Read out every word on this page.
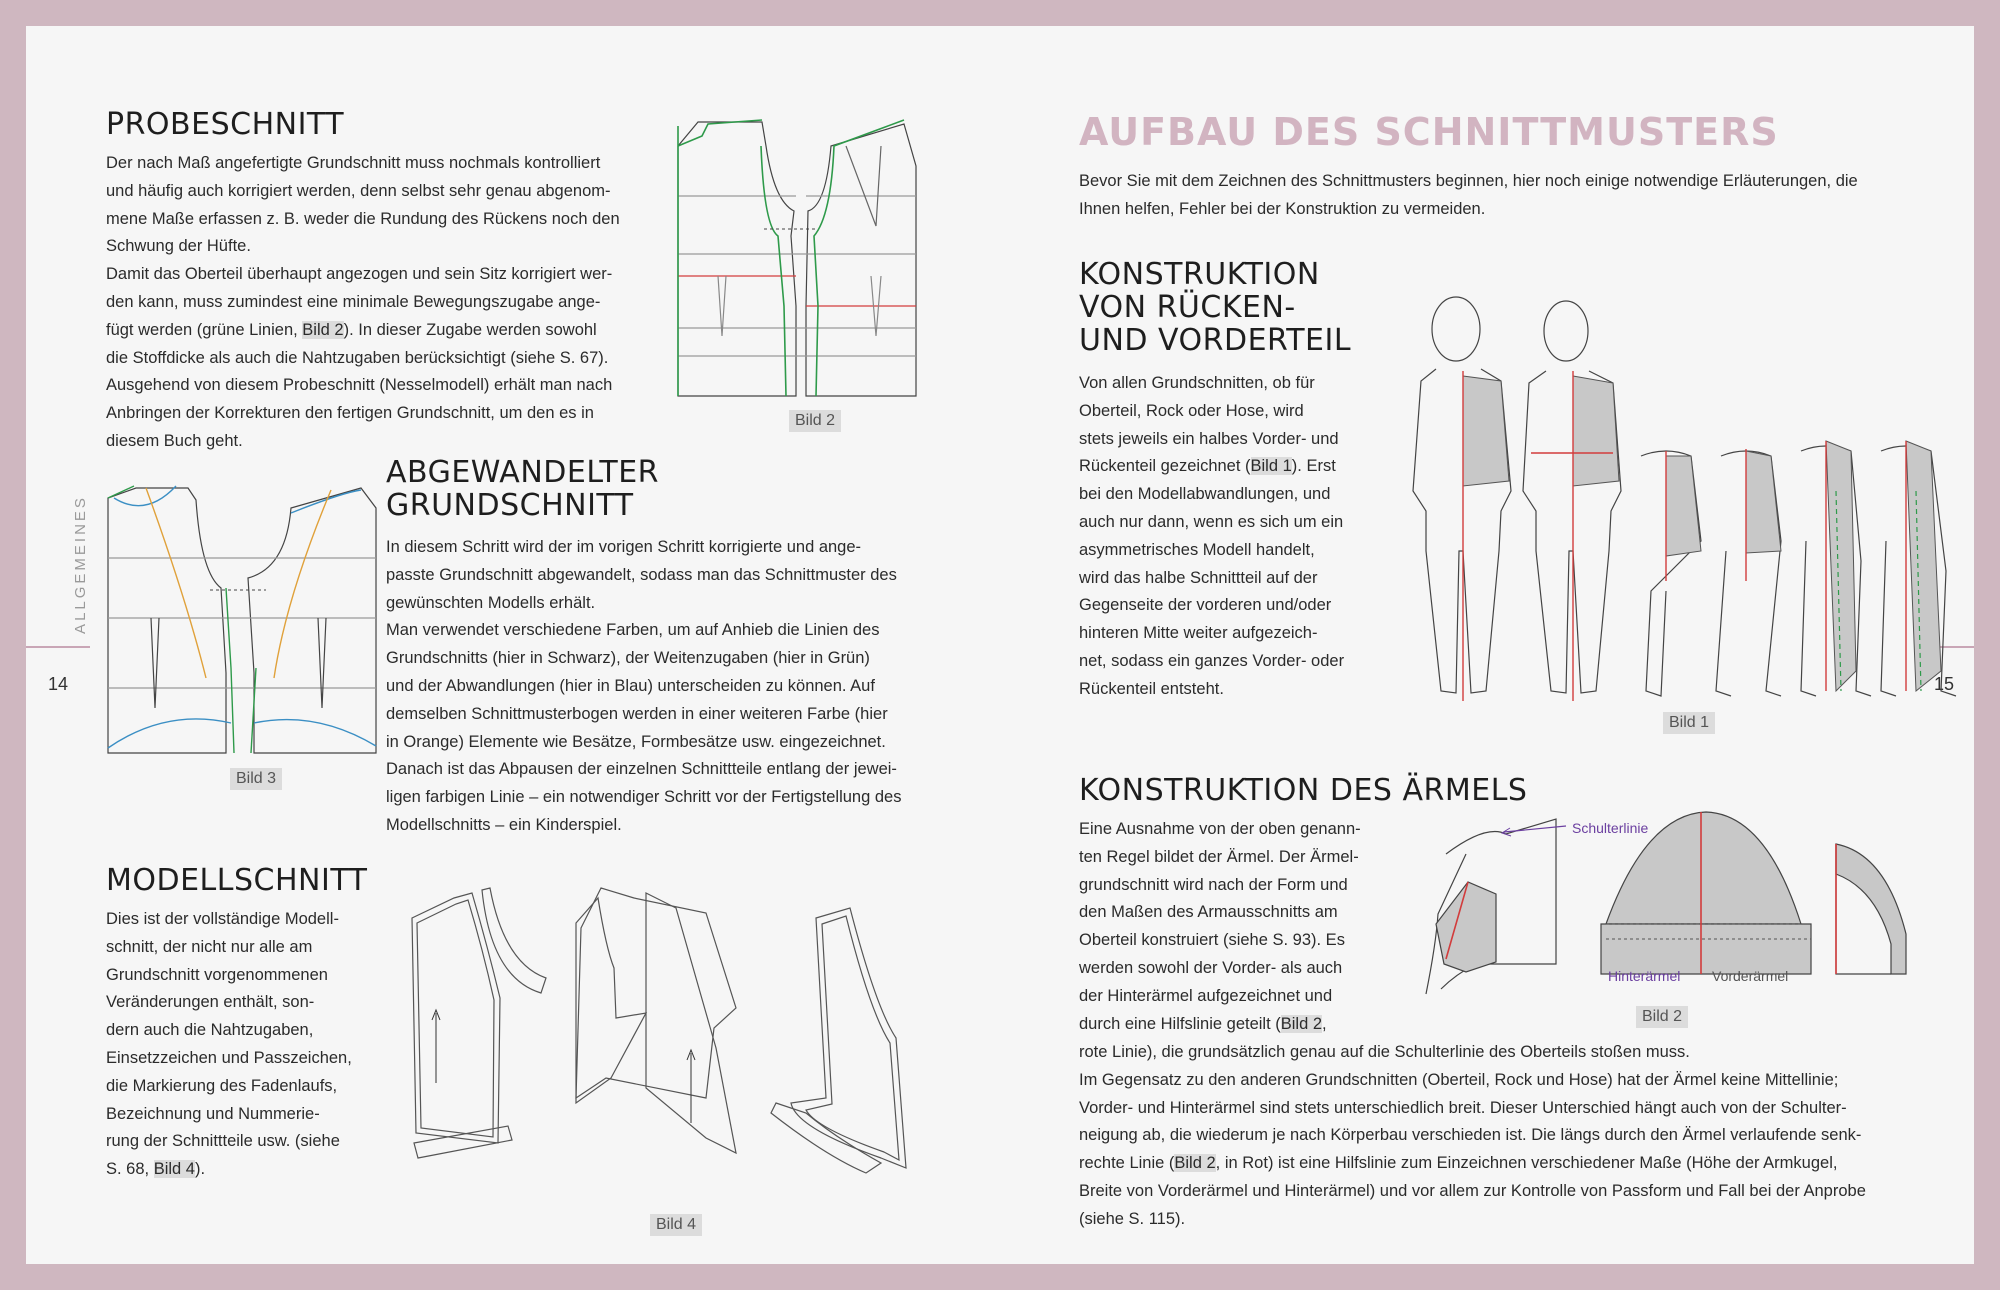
ALLGEMEINES
14	15
PROBESCHNITT

Der nach Maß angefertigte Grundschnitt muss nochmals kontrolliert
und häufig auch korrigiert werden, denn selbst sehr genau abgenom-
mene Maße erfassen z. B. weder die Rundung des Rückens noch den
Schwung der Hüfte.
Damit das Oberteil überhaupt angezogen und sein Sitz korrigiert wer-
den kann, muss zumindest eine minimale Bewegungszugabe ange-
fügt werden (grüne Linien, Bild 2). In dieser Zugabe werden sowohl
die Stoffdicke als auch die Nahtzugaben berücksichtigt (siehe S. 67).
Ausgehend von diesem Probeschnitt (Nesselmodell) erhält man nach
Anbringen der Korrekturen den fertigen Grundschnitt, um den es in
diesem Buch geht.

Bild 2
Bild 3
ABGEWANDELTER
GRUNDSCHNITT

In diesem Schritt wird der im vorigen Schritt korrigierte und ange-
passte Grundschnitt abgewandelt, sodass man das Schnittmuster des
gewünschten Modells erhält.
Man verwendet verschiedene Farben, um auf Anhieb die Linien des
Grundschnitts (hier in Schwarz), der Weitenzugaben (hier in Grün)
und der Abwandlungen (hier in Blau) unterscheiden zu können. Auf
demselben Schnittmusterbogen werden in einer weiteren Farbe (hier
in Orange) Elemente wie Besätze, Formbesätze usw. eingezeichnet.
Danach ist das Abpausen der einzelnen Schnittteile entlang der jewei-
ligen farbigen Linie – ein notwendiger Schritt vor der Fertigstellung des
Modellschnitts – ein Kinderspiel.

MODELLSCHNITT

Dies ist der vollständige Modell-
schnitt, der nicht nur alle am
Grundschnitt vorgenommenen
Veränderungen enthält, son-
dern auch die Nahtzugaben,
Einsetzzeichen und Passzeichen,
die Markierung des Fadenlaufs,
Bezeichnung und Nummerie-
rung der Schnittteile usw. (siehe
S. 68, Bild 4).

Bild 4
AUFBAU DES SCHNITTMUSTERS

Bevor Sie mit dem Zeichnen des Schnittmusters beginnen, hier noch einige notwendige Erläuterungen, die
Ihnen helfen, Fehler bei der Konstruktion zu vermeiden.

KONSTRUKTION
VON RÜCKEN-
UND VORDERTEIL

Von allen Grundschnitten, ob für
Oberteil, Rock oder Hose, wird
stets jeweils ein halbes Vorder- und
Rückenteil gezeichnet (Bild 1). Erst
bei den Modellabwandlungen, und
auch nur dann, wenn es sich um ein
asymmetrisches Modell handelt,
wird das halbe Schnittteil auf der
Gegenseite der vorderen und/oder
hinteren Mitte weiter aufgezeich-
net, sodass ein ganzes Vorder- oder
Rückenteil entsteht.

Bild 1
KONSTRUKTION DES ÄRMELS

Eine Ausnahme von der oben genann-
ten Regel bildet der Ärmel. Der Ärmel-
grundschnitt wird nach der Form und
den Maßen des Armausschnitts am
Oberteil konstruiert (siehe S. 93). Es
werden sowohl der Vorder- als auch
der Hinterärmel aufgezeichnet und
durch eine Hilfslinie geteilt (Bild 2,

rote Linie), die grundsätzlich genau auf die Schulterlinie des Oberteils stoßen muss.
Im Gegensatz zu den anderen Grundschnitten (Oberteil, Rock und Hose) hat der Ärmel keine Mittellinie;
Vorder- und Hinterärmel sind stets unterschiedlich breit. Dieser Unterschied hängt auch von der Schulter-
neigung ab, die wiederum je nach Körperbau verschieden ist. Die längs durch den Ärmel verlaufende senk-
rechte Linie (Bild 2, in Rot) ist eine Hilfslinie zum Einzeichnen verschiedener Maße (Höhe der Armkugel,
Breite von Vorderärmel und Hinterärmel) und vor allem zur Kontrolle von Passform und Fall bei der Anprobe
(siehe S. 115).

Schulterlinie
Hinterärmel Vorderärmel
Bild 2
